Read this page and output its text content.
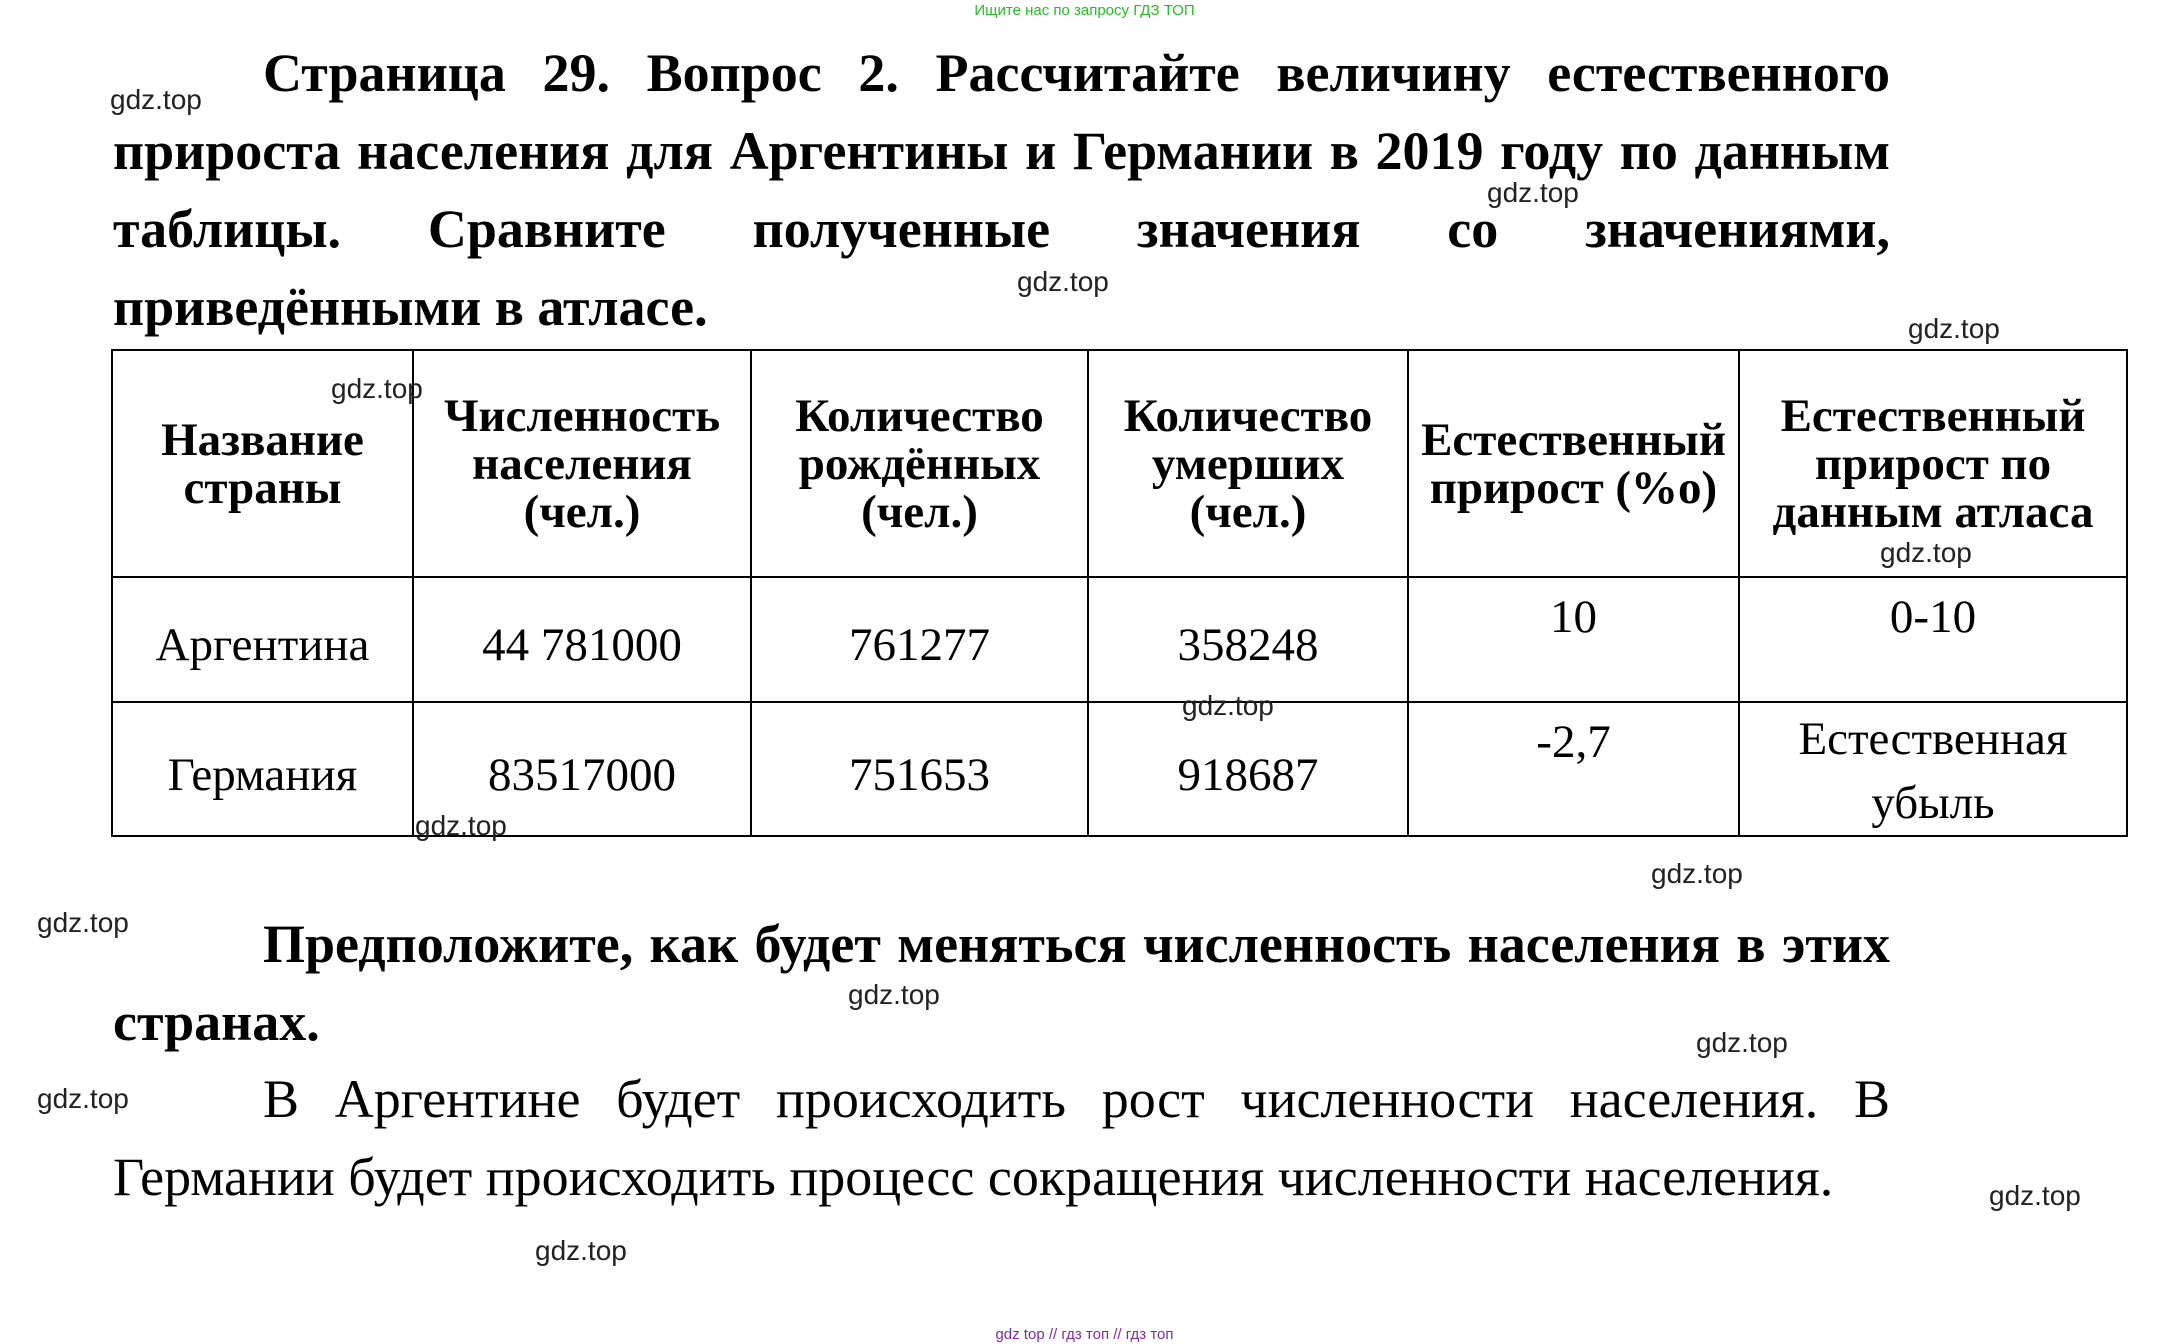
Ищите нас по запросу ГДЗ ТОП
Страница 29. Вопрос 2. Рассчитайте величину естественного прироста населения для Аргентины и Германии в 2019 году по данным таблицы. Сравните полученные значения со значениями, приведёнными в атласе.
Название страны	Численность населения (чел.)	Количество рождённых (чел.)	Количество умерших (чел.)	Естественный прирост (%о)	Естественный прирост по данным атласа
Аргентина	44 781000	761277	358248	10	0-10
Германия	83517000	751653	918687	-2,7	Естественная убыль
Предположите, как будет меняться численность населения в этих странах.
В Аргентине будет происходить рост численности населения. В Германии будет происходить процесс сокращения численности населения.
gdz.top
gdz.top
gdz.top
gdz.top
gdz.top
gdz.top
gdz.top
gdz.top
gdz.top
gdz.top
gdz.top
gdz.top
gdz.top
gdz.top
gdz.top
gdz top // гдз топ // гдз топ
